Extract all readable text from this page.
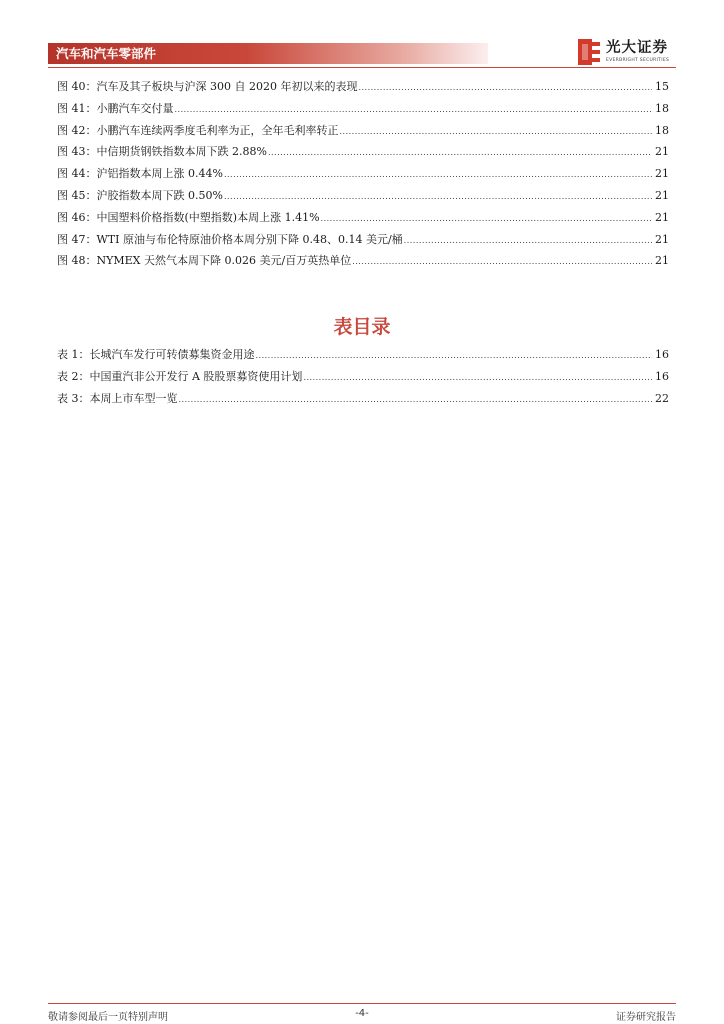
汽车和汽车零部件	光大证券
EVERBRIGHT SECURITIES
图 40：汽车及其子板块与沪深 300 自 2020 年初以来的表现 .....	15
图 41：小鹏汽车交付量 .....	18
图 42：小鹏汽车连续两季度毛利率为正，全年毛利率转正 .....	18
图 43：中信期货钢铁指数本周下跌 2.88% .....	21
图 44：沪铝指数本周上涨 0.44% .....	21
图 45：沪胶指数本周下跌 0.50% .....	21
图 46：中国塑料价格指数(中塑指数)本周上涨 1.41% .....	21
图 47：WTI 原油与布伦特原油价格本周分别下降 0.48、0.14 美元/桶 .....	21
图 48：NYMEX 天然气本周下降 0.026 美元/百万英热单位 .....	21
表目录
表 1：长城汽车发行可转债募集资金用途 .....	16
表 2：中国重汽非公开发行 A 股股票募资使用计划 .....	16
表 3：本周上市车型一览 .....	22
敬请参阅最后一页特别声明	-4-	证券研究报告
